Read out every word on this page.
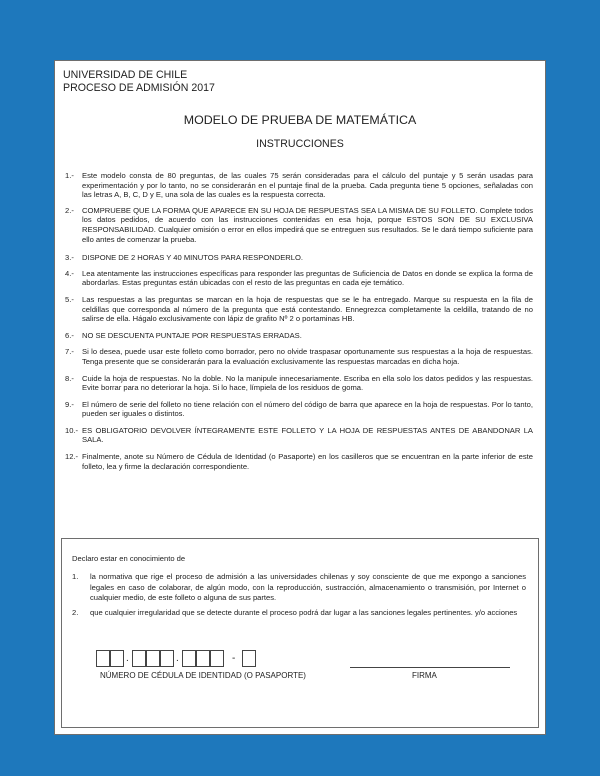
UNIVERSIDAD DE CHILE
PROCESO DE ADMISIÓN 2017
MODELO DE PRUEBA DE MATEMÁTICA
INSTRUCCIONES
1.-	Este modelo consta de 80 preguntas, de las cuales 75 serán consideradas para el cálculo del puntaje y 5 serán usadas para experimentación y por lo tanto, no se considerarán en el puntaje final de la prueba. Cada pregunta tiene 5 opciones, señaladas con las letras A, B, C, D y E, una sola de las cuales es la respuesta correcta.
2.-	COMPRUEBE QUE LA FORMA QUE APARECE EN SU HOJA DE RESPUESTAS SEA LA MISMA DE SU FOLLETO. Complete todos los datos pedidos, de acuerdo con las instrucciones contenidas en esa hoja, porque ESTOS SON DE SU EXCLUSIVA RESPONSABILIDAD. Cualquier omisión o error en ellos impedirá que se entreguen sus resultados. Se le dará tiempo suficiente para ello antes de comenzar la prueba.
3.-	DISPONE DE 2 HORAS Y 40 MINUTOS PARA RESPONDERLO.
4.-	Lea atentamente las instrucciones específicas para responder las preguntas de Suficiencia de Datos en donde se explica la forma de abordarlas. Estas preguntas están ubicadas con el resto de las preguntas en cada eje temático.
5.-	Las respuestas a las preguntas se marcan en la hoja de respuestas que se le ha entregado. Marque su respuesta en la fila de celdillas que corresponda al número de la pregunta que está contestando. Ennegrezca completamente la celdilla, tratando de no salirse de ella. Hágalo exclusivamente con lápiz de grafito Nº 2 o portaminas HB.
6.-	NO SE DESCUENTA PUNTAJE POR RESPUESTAS ERRADAS.
7.-	Si lo desea, puede usar este folleto como borrador, pero no olvide traspasar oportunamente sus respuestas a la hoja de respuestas. Tenga presente que se considerarán para la evaluación exclusivamente las respuestas marcadas en dicha hoja.
8.-	Cuide la hoja de respuestas. No la doble. No la manipule innecesariamente. Escriba en ella solo los datos pedidos y las respuestas. Evite borrar para no deteriorar la hoja. Si lo hace, límpiela de los residuos de goma.
9.-	El número de serie del folleto no tiene relación con el número del código de barra que aparece en la hoja de respuestas. Por lo tanto, pueden ser iguales o distintos.
10.- ES OBLIGATORIO DEVOLVER ÍNTEGRAMENTE ESTE FOLLETO Y LA HOJA DE RESPUESTAS ANTES DE ABANDONAR LA SALA.
12.- Finalmente, anote su Número de Cédula de Identidad (o Pasaporte) en los casilleros que se encuentran en la parte inferior de este folleto, lea y firme la declaración correspondiente.
Declaro estar en conocimiento de
1.	la normativa que rige el proceso de admisión a las universidades chilenas y soy consciente de que me expongo a sanciones legales en caso de colaborar, de algún modo, con la reproducción, sustracción, almacenamiento o transmisión, por Internet o cualquier medio, de este folleto o alguna de sus partes.
2.	que cualquier irregularidad que se detecte durante el proceso podrá dar lugar a las sanciones legales pertinentes. y/o acciones
.	.	-
NÚMERO DE CÉDULA DE IDENTIDAD (O PASAPORTE)	FIRMA
